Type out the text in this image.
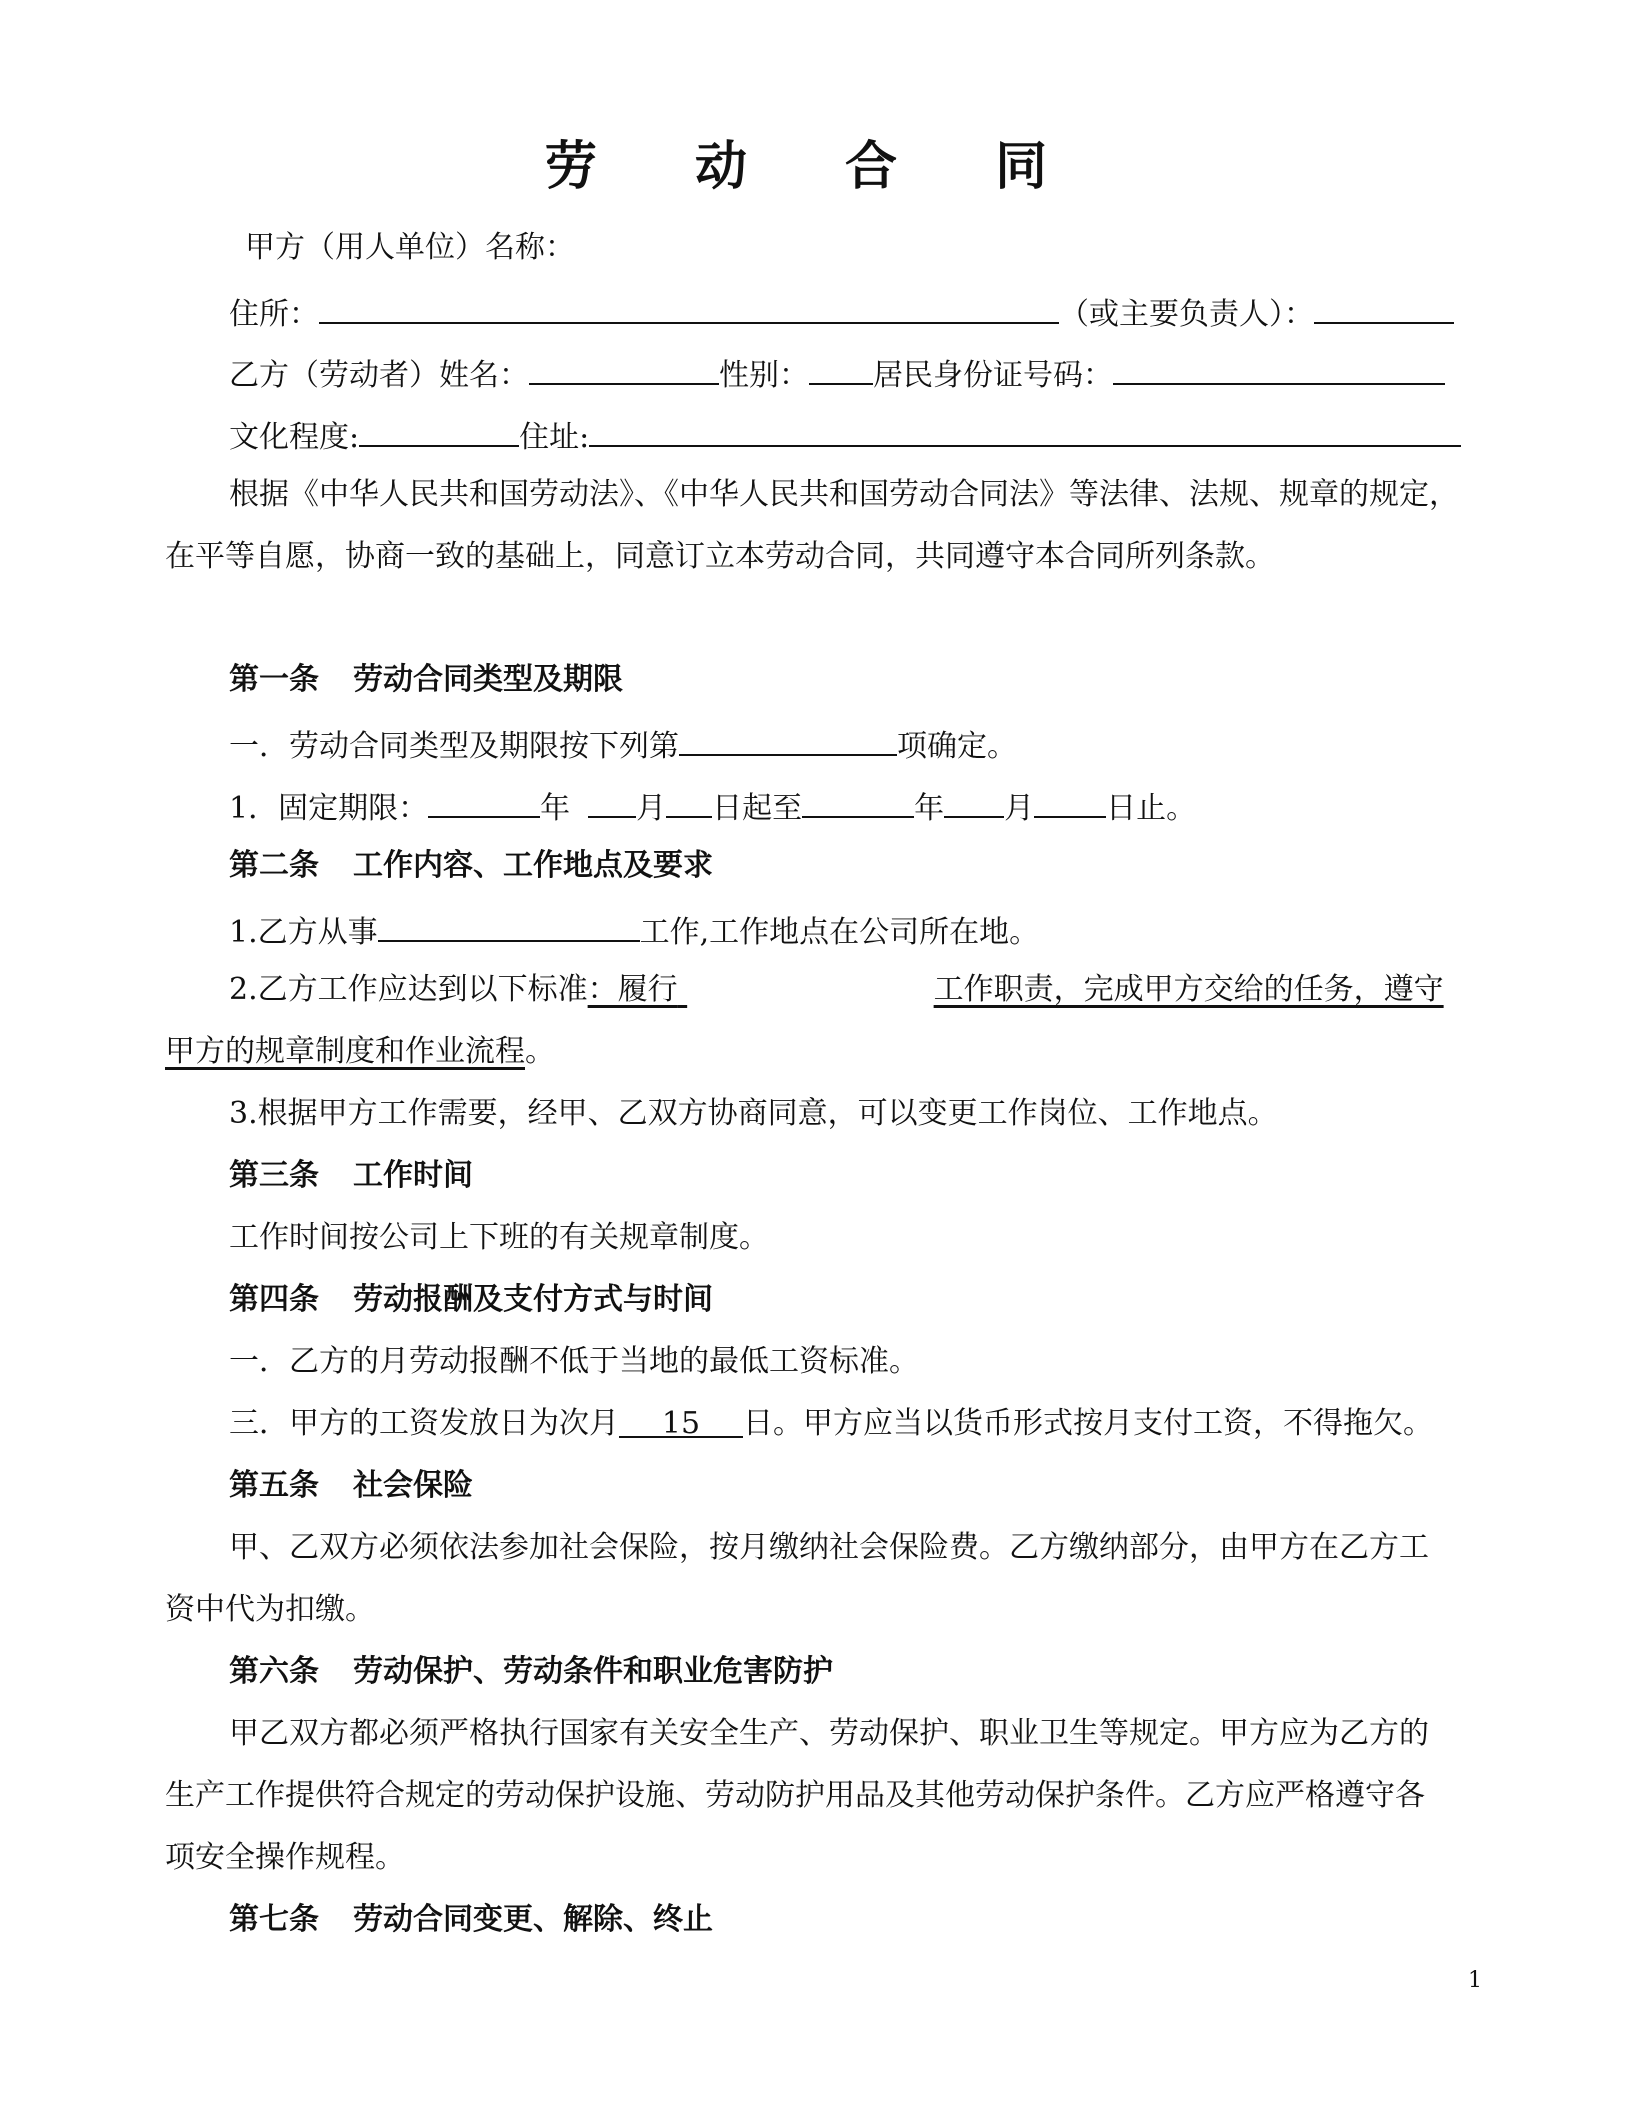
劳 动 合 同
甲方（用人单位）名称：
住所：	（或主要负责人）：
乙方（劳动者）姓名：	性别： 居民身份证号码：
文化程度:	住址:
根据《中华人民共和国劳动法》、《中华人民共和国劳动合同法》等法律、法规、规章的规定，
在平等自愿，协商一致的基础上，同意订立本劳动合同，共同遵守本合同所列条款。
第一条 劳动合同类型及期限
一．劳动合同类型及期限按下列第	项确定。
1．固定期限：	年 月 日起至	年 月 日止。
第二条 工作内容、工作地点及要求
1.乙方从事	工作,工作地点在公司所在地。
2.乙方工作应达到以下标准：履行	工作职责，完成甲方交给的任务，遵守
甲方的规章制度和作业流程。
3.根据甲方工作需要，经甲、乙双方协商同意，可以变更工作岗位、工作地点。
第三条 工作时间
工作时间按公司上下班的有关规章制度。
第四条 劳动报酬及支付方式与时间
一．乙方的月劳动报酬不低于当地的最低工资标准。
三．甲方的工资发放日为次月 15 日。甲方应当以货币形式按月支付工资，不得拖欠。
第五条 社会保险
甲、乙双方必须依法参加社会保险，按月缴纳社会保险费。乙方缴纳部分，由甲方在乙方工
资中代为扣缴。
第六条 劳动保护、劳动条件和职业危害防护
甲乙双方都必须严格执行国家有关安全生产、劳动保护、职业卫生等规定。甲方应为乙方的
生产工作提供符合规定的劳动保护设施、劳动防护用品及其他劳动保护条件。乙方应严格遵守各
项安全操作规程。
第七条 劳动合同变更、解除、终止
1
